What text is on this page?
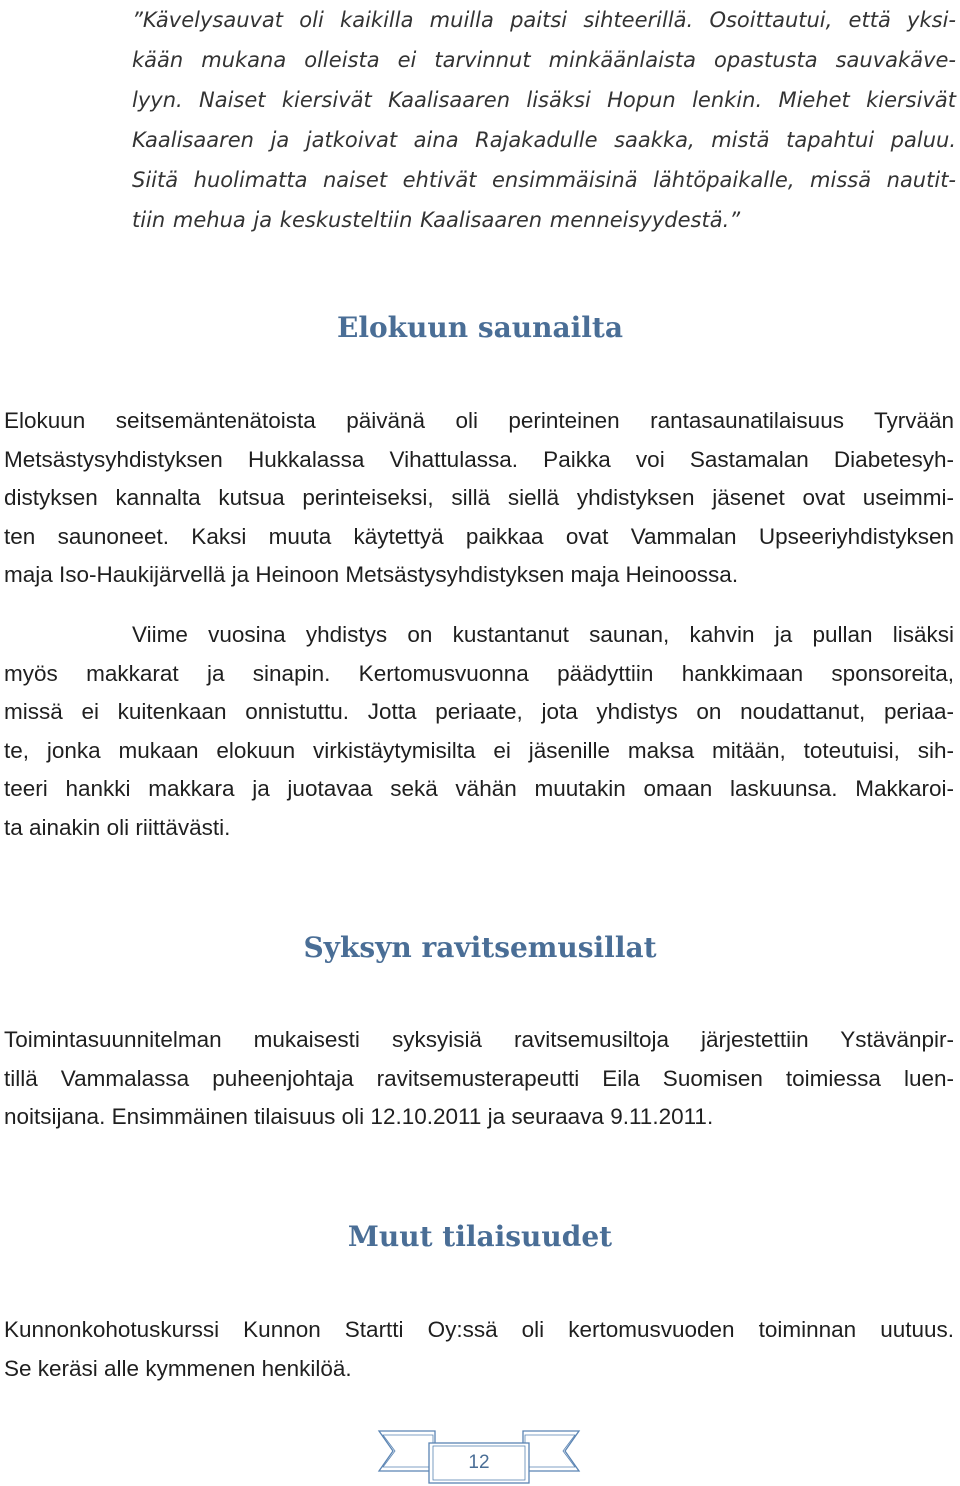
”Kävelysauvat oli kaikilla muilla paitsi sihteerillä. Osoittautui, että yksi-
kään mukana olleista ei tarvinnut minkäänlaista opastusta sauvakäve-
lyyn. Naiset kiersivät Kaalisaaren lisäksi Hopun lenkin. Miehet kiersivät
Kaalisaaren ja jatkoivat aina Rajakadulle saakka, mistä tapahtui paluu.
Siitä huolimatta naiset ehtivät ensimmäisinä lähtöpaikalle, missä nautit-
tiin mehua ja keskusteltiin Kaalisaaren menneisyydestä.”
Elokuun saunailta
Elokuun seitsemäntenätoista päivänä oli perinteinen rantasaunatilaisuus Tyrvään
Metsästysyhdistyksen Hukkalassa Vihattulassa. Paikka voi Sastamalan Diabetesyh-
distyksen kannalta kutsua perinteiseksi, sillä siellä yhdistyksen jäsenet ovat useimmi-
ten saunoneet. Kaksi muuta käytettyä paikkaa ovat Vammalan Upseeriyhdistyksen
maja Iso-Haukijärvellä ja Heinoon Metsästysyhdistyksen maja Heinoossa.
Viime vuosina yhdistys on kustantanut saunan, kahvin ja pullan lisäksi
myös makkarat ja sinapin. Kertomusvuonna päädyttiin hankkimaan sponsoreita,
missä ei kuitenkaan onnistuttu. Jotta periaate, jota yhdistys on noudattanut, periaa-
te, jonka mukaan elokuun virkistäytymisilta ei jäsenille maksa mitään, toteutuisi, sih-
teeri hankki makkara ja juotavaa sekä vähän muutakin omaan laskuunsa. Makkaroi-
ta ainakin oli riittävästi.
Syksyn ravitsemusillat
Toimintasuunnitelman mukaisesti syksyisiä ravitsemusiltoja järjestettiin Ystävänpir-
tillä Vammalassa puheenjohtaja ravitsemusterapeutti Eila Suomisen toimiessa luen-
noitsijana. Ensimmäinen tilaisuus oli 12.10.2011 ja seuraava 9.11.2011.
Muut tilaisuudet
Kunnonkohotuskurssi Kunnon Startti Oy:ssä oli kertomusvuoden toiminnan uutuus.
Se keräsi alle kymmenen henkilöä.
12
